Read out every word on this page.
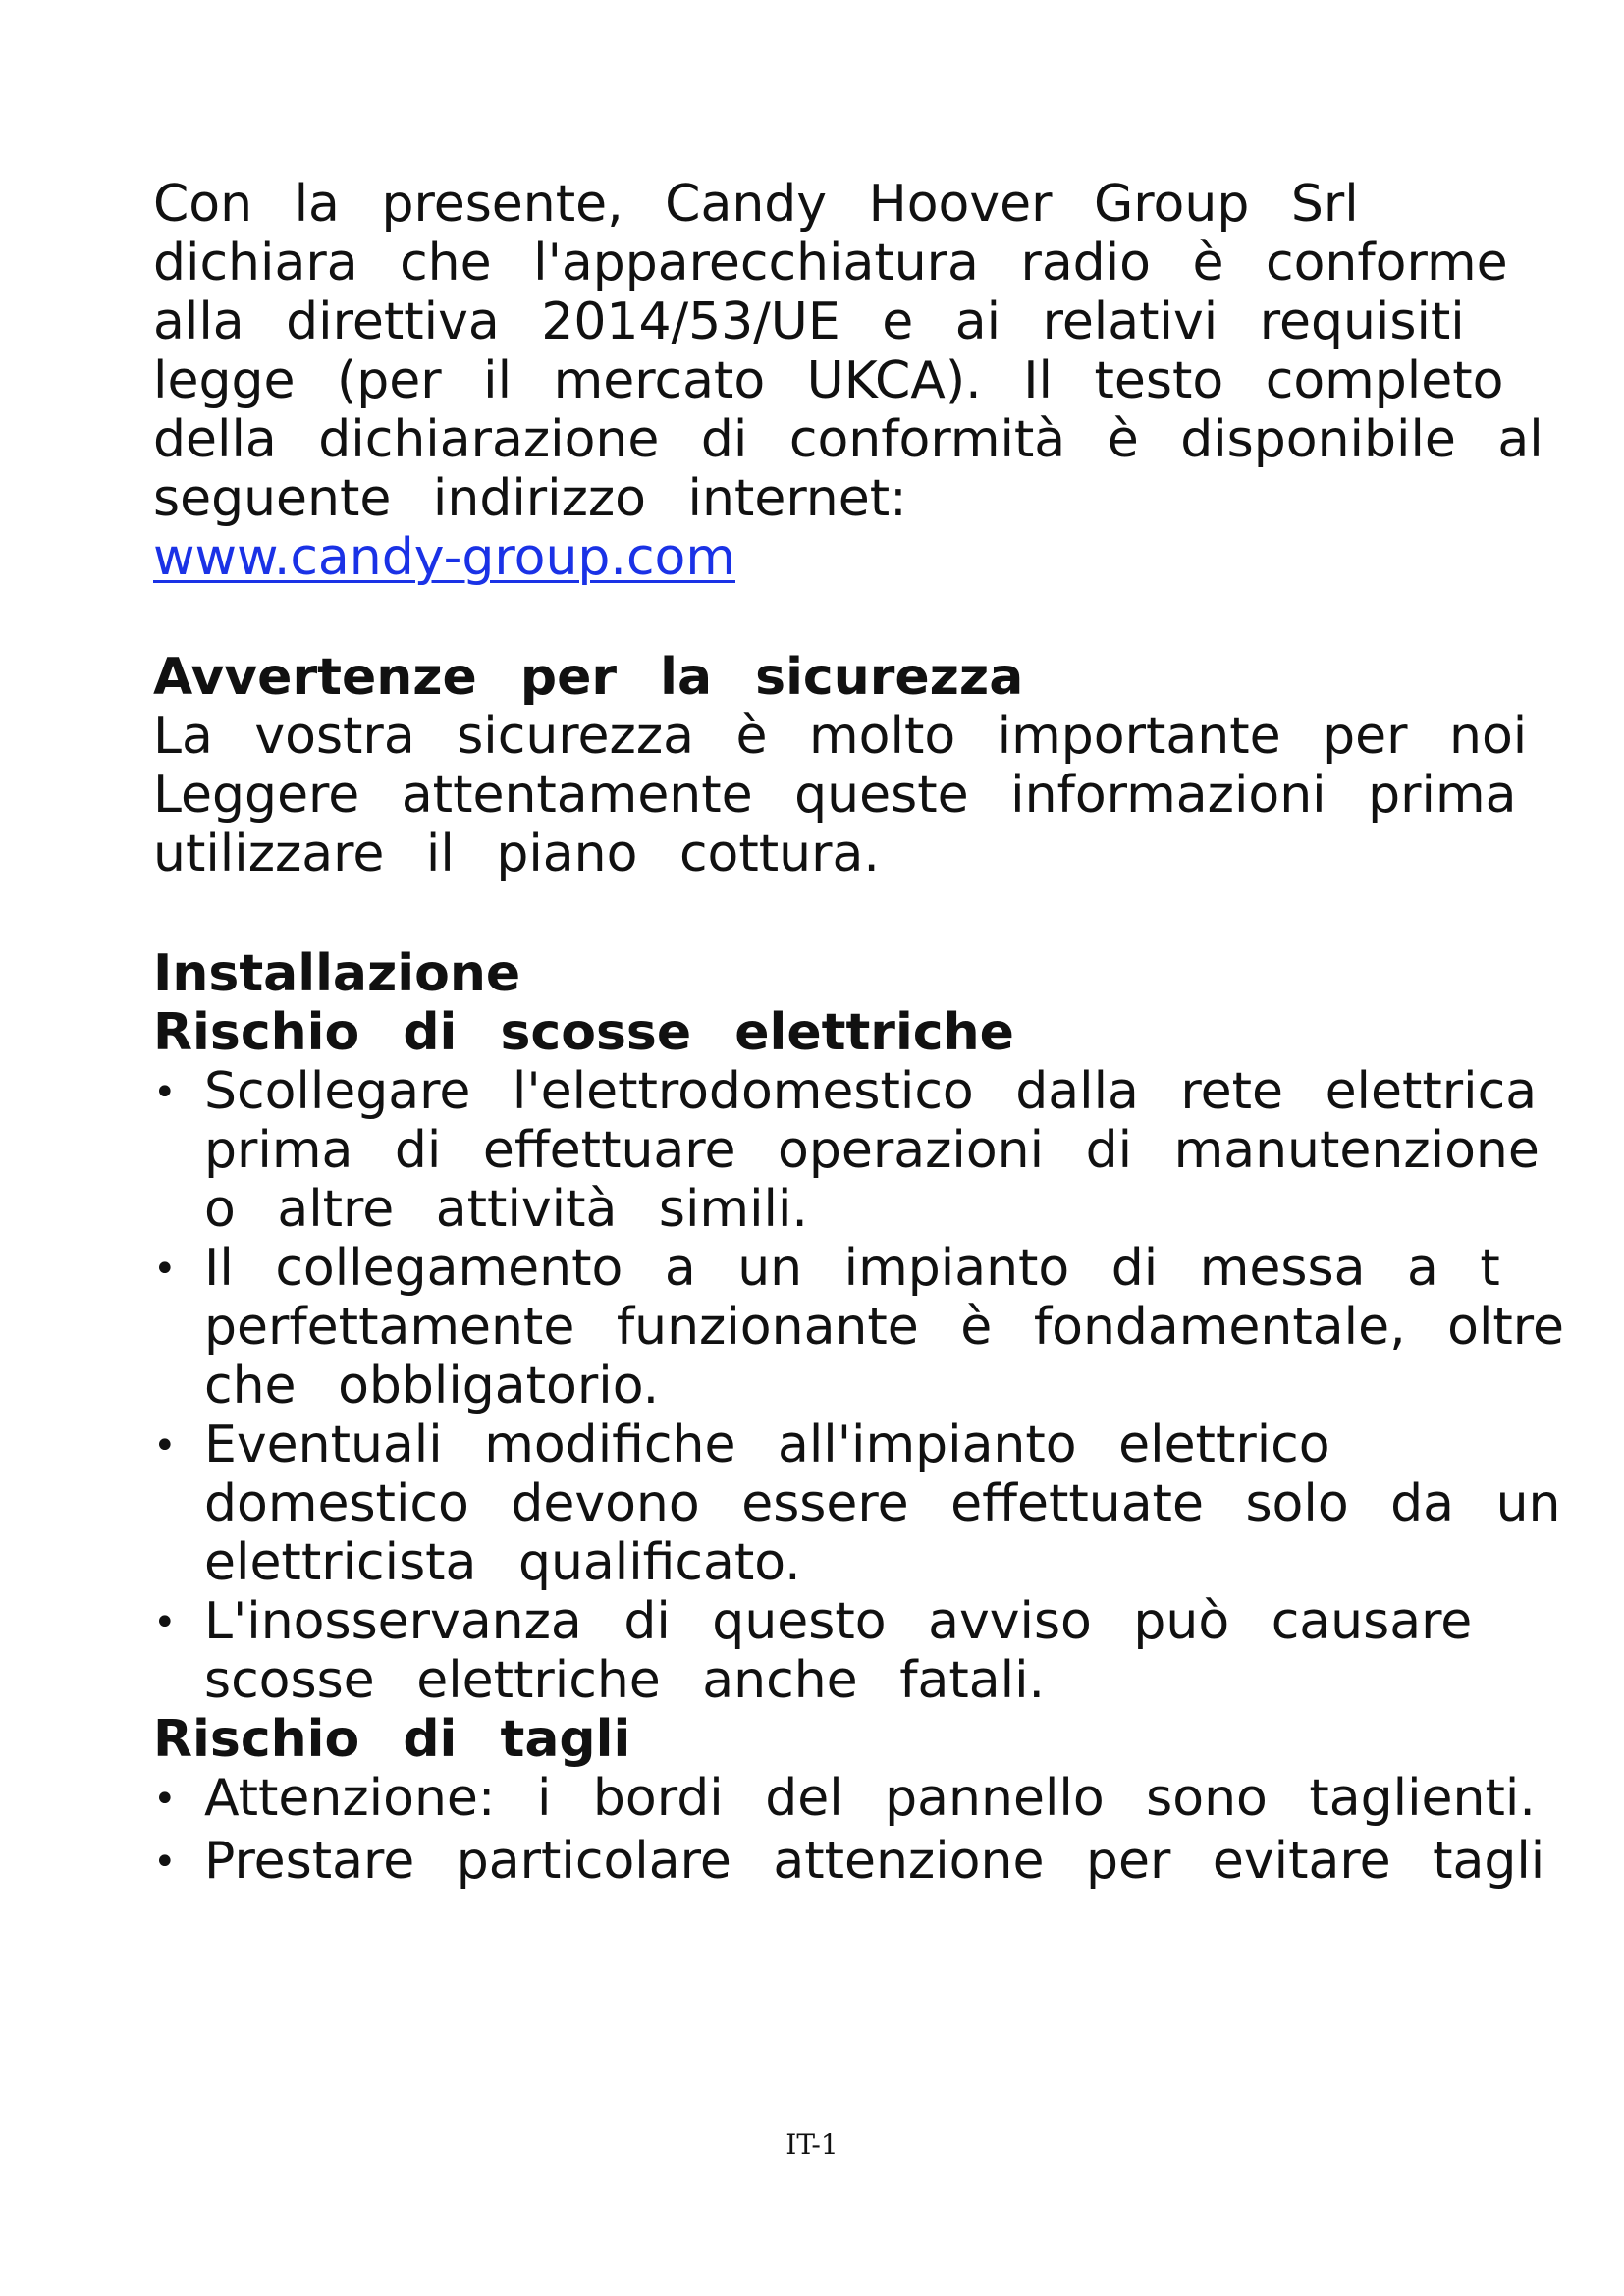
Con la presente, Candy Hoover Group Srl
dichiara che l'apparecchiatura radio è conforme
alla direttiva 2014/53/UE e ai relativi requisiti
legge (per il mercato UKCA). Il testo completo
della dichiarazione di conformità è disponibile al
seguente indirizzo internet:
www.candy-group.com
Avvertenze per la sicurezza
La vostra sicurezza è molto importante per noi
Leggere attentamente queste informazioni prima
utilizzare il piano cottura.
Installazione
Rischio di scosse elettriche
• Scollegare l'elettrodomestico dalla rete elettrica
prima di effettuare operazioni di manutenzione
o altre attività simili.
• Il collegamento a un impianto di messa a t
perfettamente funzionante è fondamentale, oltre
che obbligatorio.
• Eventuali modifiche all'impianto elettrico
domestico devono essere effettuate solo da un
elettricista qualificato.
• L'inosservanza di questo avviso può causare
scosse elettriche anche fatali.
Rischio di tagli
• Attenzione: i bordi del pannello sono taglienti.
• Prestare particolare attenzione per evitare tagli
IT-1
